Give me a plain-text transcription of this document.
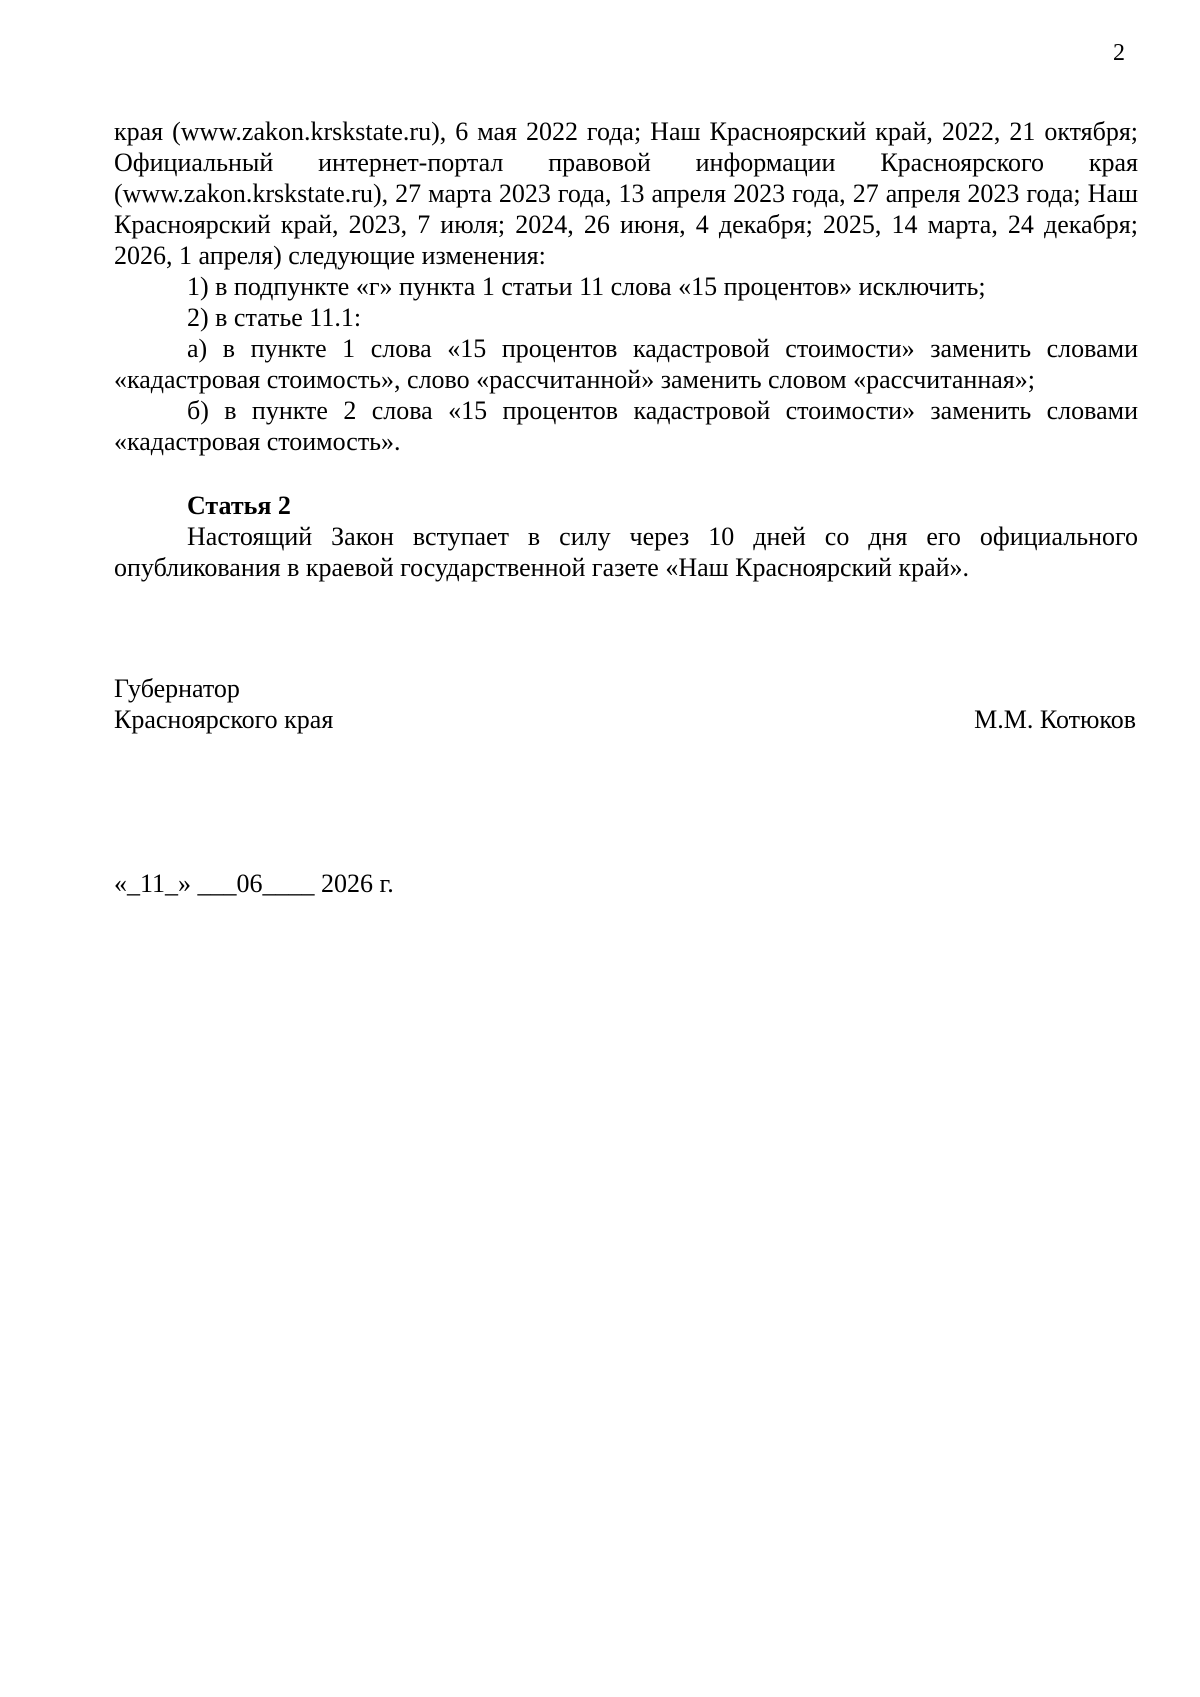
2

края (www.zakon.krskstate.ru), 6 мая 2022 года; Наш Красноярский край, 2022, 21 октября; Официальный интернет-портал правовой информации Красноярского края (www.zakon.krskstate.ru), 27 марта 2023 года, 13 апреля 2023 года, 27 апреля 2023 года; Наш Красноярский край, 2023, 7 июля; 2024, 26 июня, 4 декабря; 2025, 14 марта, 24 декабря; 2026, 1 апреля) следующие изменения:

1) в подпункте «г» пункта 1 статьи 11 слова «15 процентов» исключить;

2) в статье 11.1:

а) в пункте 1 слова «15 процентов кадастровой стоимости» заменить словами «кадастровая стоимость», слово «рассчитанной» заменить словом «рассчитанная»;

б) в пункте 2 слова «15 процентов кадастровой стоимости» заменить словами «кадастровая стоимость».

Статья 2

Настоящий Закон вступает в силу через 10 дней со дня его официального опубликования в краевой государственной газете «Наш Красноярский край».

Губернатор
Красноярского края	М.М. Котюков
«_11_» ___06____ 2026 г.
